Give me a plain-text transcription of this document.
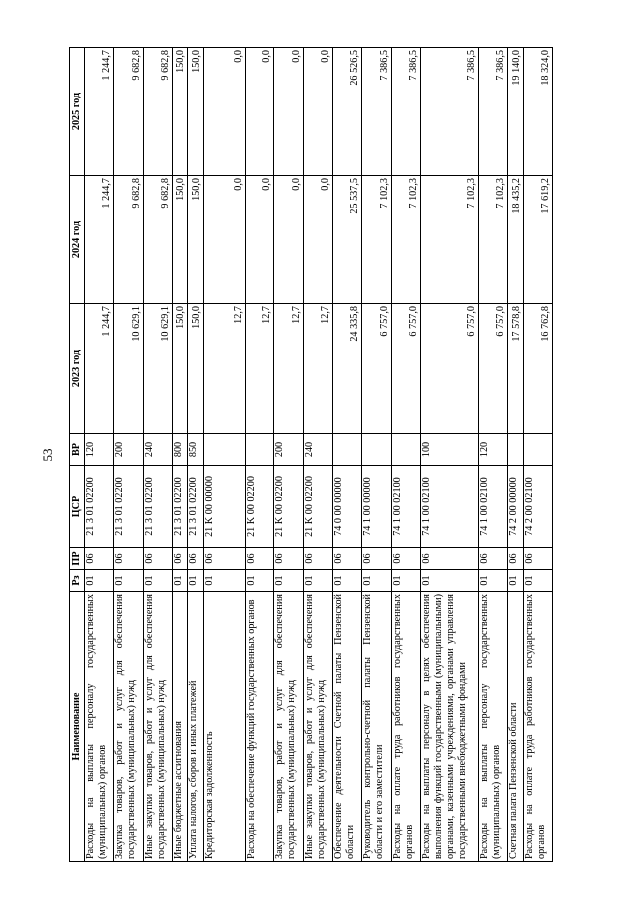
53
Наименование	Рз	ПР	ЦСР	ВР	2023 год	2024 год	2025 год
Расходы на выплаты персоналу государственных (муниципальных) органов	01	06	21 3 01 02200	120	1 244,7	1 244,7	1 244,7
Закупка товаров, работ и услуг для обеспечения государственных (муниципальных) нужд	01	06	21 3 01 02200	200	10 629,1	9 682,8	9 682,8
Иные закупки товаров, работ и услуг для обеспечения государственных (муниципальных) нужд	01	06	21 3 01 02200	240	10 629,1	9 682,8	9 682,8
Иные бюджетные ассигнования	01	06	21 3 01 02200	800	150,0	150,0	150,0
Уплата налогов, сборов и иных платежей	01	06	21 3 01 02200	850	150,0	150,0	150,0
Кредиторская задолженность	01	06	21 K 00 00000		12,7	0,0	0,0
Расходы на обеспечение функций государственных органов	01	06	21 K 00 02200		12,7	0,0	0,0
Закупка товаров, работ и услуг для обеспечения государственных (муниципальных) нужд	01	06	21 K 00 02200	200	12,7	0,0	0,0
Иные закупки товаров, работ и услуг для обеспечения государственных (муниципальных) нужд	01	06	21 K 00 02200	240	12,7	0,0	0,0
Обеспечение деятельности Счетной палаты Пензенской области	01	06	74 0 00 00000		24 335,8	25 537,5	26 526,5
Руководитель контрольно-счетной палаты Пензенской области и его заместители	01	06	74 1 00 00000		6 757,0	7 102,3	7 386,5
Расходы на оплате труда работников государственных органов	01	06	74 1 00 02100		6 757,0	7 102,3	7 386,5
Расходы на выплаты персоналу в целях обеспечения выполнения функций государственными (муниципальными) органами, казенными учреждениями, органами управления государственными внебюджетными фондами	01	06	74 1 00 02100	100	6 757,0	7 102,3	7 386,5
Расходы на выплаты персоналу государственных (муниципальных) органов	01	06	74 1 00 02100	120	6 757,0	7 102,3	7 386,5
Счетная палата Пензенской области	01	06	74 2 00 00000		17 578,8	18 435,2	19 140,0
Расходы на оплате труда работников государственных органов	01	06	74 2 00 02100		16 762,8	17 619,2	18 324,0
